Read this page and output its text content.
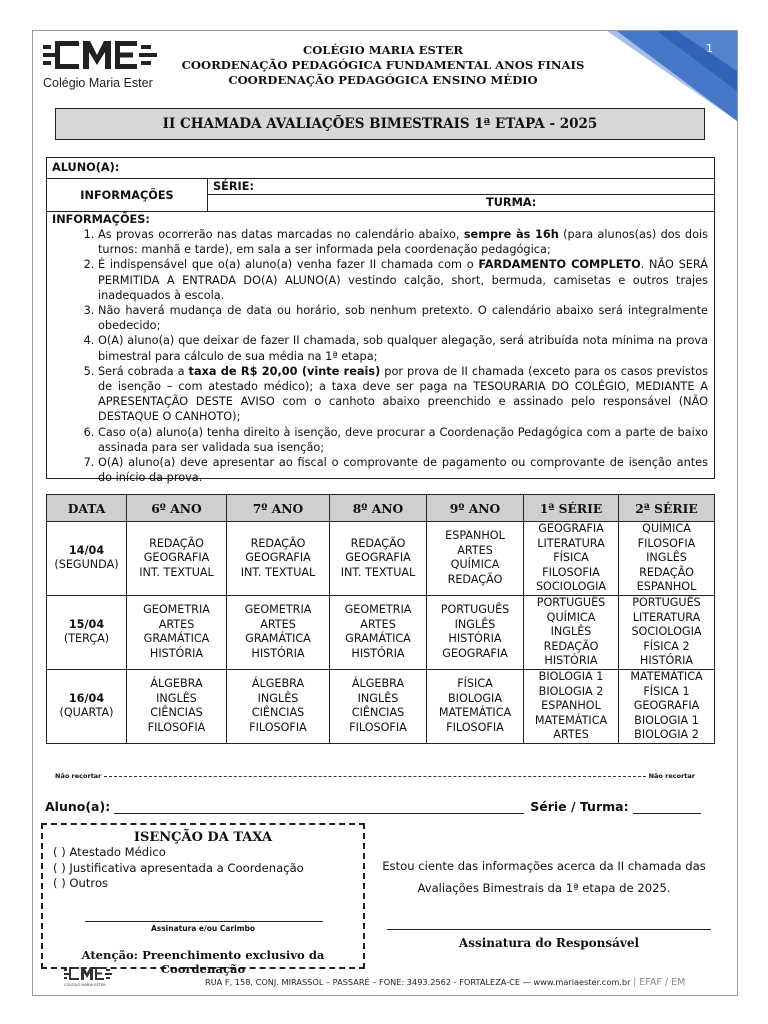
1
Colégio Maria Ester
COLÉGIO MARIA ESTER
COORDENAÇÃO PEDAGÓGICA FUNDAMENTAL ANOS FINAIS
COORDENAÇÃO PEDAGÓGICA ENSINO MÉDIO
II CHAMADA AVALIAÇÕES BIMESTRAIS 1ª ETAPA - 2025
ALUNO(A):
INFORMAÇÕES
SÉRIE:
TURMA:
INFORMAÇÕES:
1. As provas ocorrerão nas datas marcadas no calendário abaixo, sempre às 16h (para alunos(as) dos dois turnos: manhã e tarde), em sala a ser informada pela coordenação pedagógica;
2. É indispensável que o(a) aluno(a) venha fazer II chamada com o FARDAMENTO COMPLETO. NÃO SERÁ PERMITIDA A ENTRADA DO(A) ALUNO(A) vestindo calção, short, bermuda, camisetas e outros trajes inadequados à escola.
3. Não haverá mudança de data ou horário, sob nenhum pretexto. O calendário abaixo será integralmente obedecido;
4. O(A) aluno(a) que deixar de fazer II chamada, sob qualquer alegação, será atribuída nota mínima na prova bimestral para cálculo de sua média na 1ª etapa;
5. Será cobrada a taxa de R$ 20,00 (vinte reais) por prova de II chamada (exceto para os casos previstos de isenção – com atestado médico); a taxa deve ser paga na TESOURARIA DO COLÉGIO, MEDIANTE A APRESENTAÇÃO DESTE AVISO com o canhoto abaixo preenchido e assinado pelo responsável (NÃO DESTAQUE O CANHOTO);
6. Caso o(a) aluno(a) tenha direito à isenção, deve procurar a Coordenação Pedagógica com a parte de baixo assinada para ser validada sua isenção;
7. O(A) aluno(a) deve apresentar ao fiscal o comprovante de pagamento ou comprovante de isenção antes do início da prova.
DATA	6º ANO	7º ANO	8º ANO	9º ANO	1ª SÉRIE	2ª SÉRIE

14/04
(SEGUNDA)	REDAÇÃO
GEOGRAFIA
INT. TEXTUAL	REDAÇÃO
GEOGRAFIA
INT. TEXTUAL	REDAÇÃO
GEOGRAFIA
INT. TEXTUAL	ESPANHOL
ARTES
QUÍMICA
REDAÇÃO	GEOGRAFIA
LITERATURA
FÍSICA
FILOSOFIA
SOCIOLOGIA	QUÍMICA
FILOSOFIA
INGLÊS
REDAÇÃO
ESPANHOL

15/04
(TERÇA)	GEOMETRIA
ARTES
GRAMÁTICA
HISTÓRIA	GEOMETRIA
ARTES
GRAMÁTICA
HISTÓRIA	GEOMETRIA
ARTES
GRAMÁTICA
HISTÓRIA	PORTUGUÊS
INGLÊS
HISTÓRIA
GEOGRAFIA	PORTUGUÊS
QUÍMICA
INGLÊS
REDAÇÃO
HISTÓRIA	PORTUGUÊS
LITERATURA
SOCIOLOGIA
FÍSICA 2
HISTÓRIA

16/04
(QUARTA)	ÁLGEBRA
INGLÊS
CIÊNCIAS
FILOSOFIA	ÁLGEBRA
INGLÊS
CIÊNCIAS
FILOSOFIA	ÁLGEBRA
INGLÊS
CIÊNCIAS
FILOSOFIA	FÍSICA
BIOLOGIA
MATEMÁTICA
FILOSOFIA	BIOLOGIA 1
BIOLOGIA 2
ESPANHOL
MATEMÁTICA
ARTES	MATEMÁTICA
FÍSICA 1
GEOGRAFIA
BIOLOGIA 1
BIOLOGIA 2
Não recortar	Não recortar
Aluno(a):	Série / Turma:
ISENÇÃO DA TAXA
( ) Atestado Médico
( ) Justificativa apresentada a Coordenação
( ) Outros
Assinatura e/ou Carimbo
Atenção: Preenchimento exclusivo da Coordenação
Estou ciente das informações acerca da II chamada das
Avaliações Bimestrais da 1ª etapa de 2025.
Assinatura do Responsável
COLÉGIO MARIA ESTER	RUA F, 158, CONJ. MIRASSOL – PASSARÉ – FONE: 3493.2562 - FORTALEZA-CE — www.mariaester.com.br | EFAF / EM
